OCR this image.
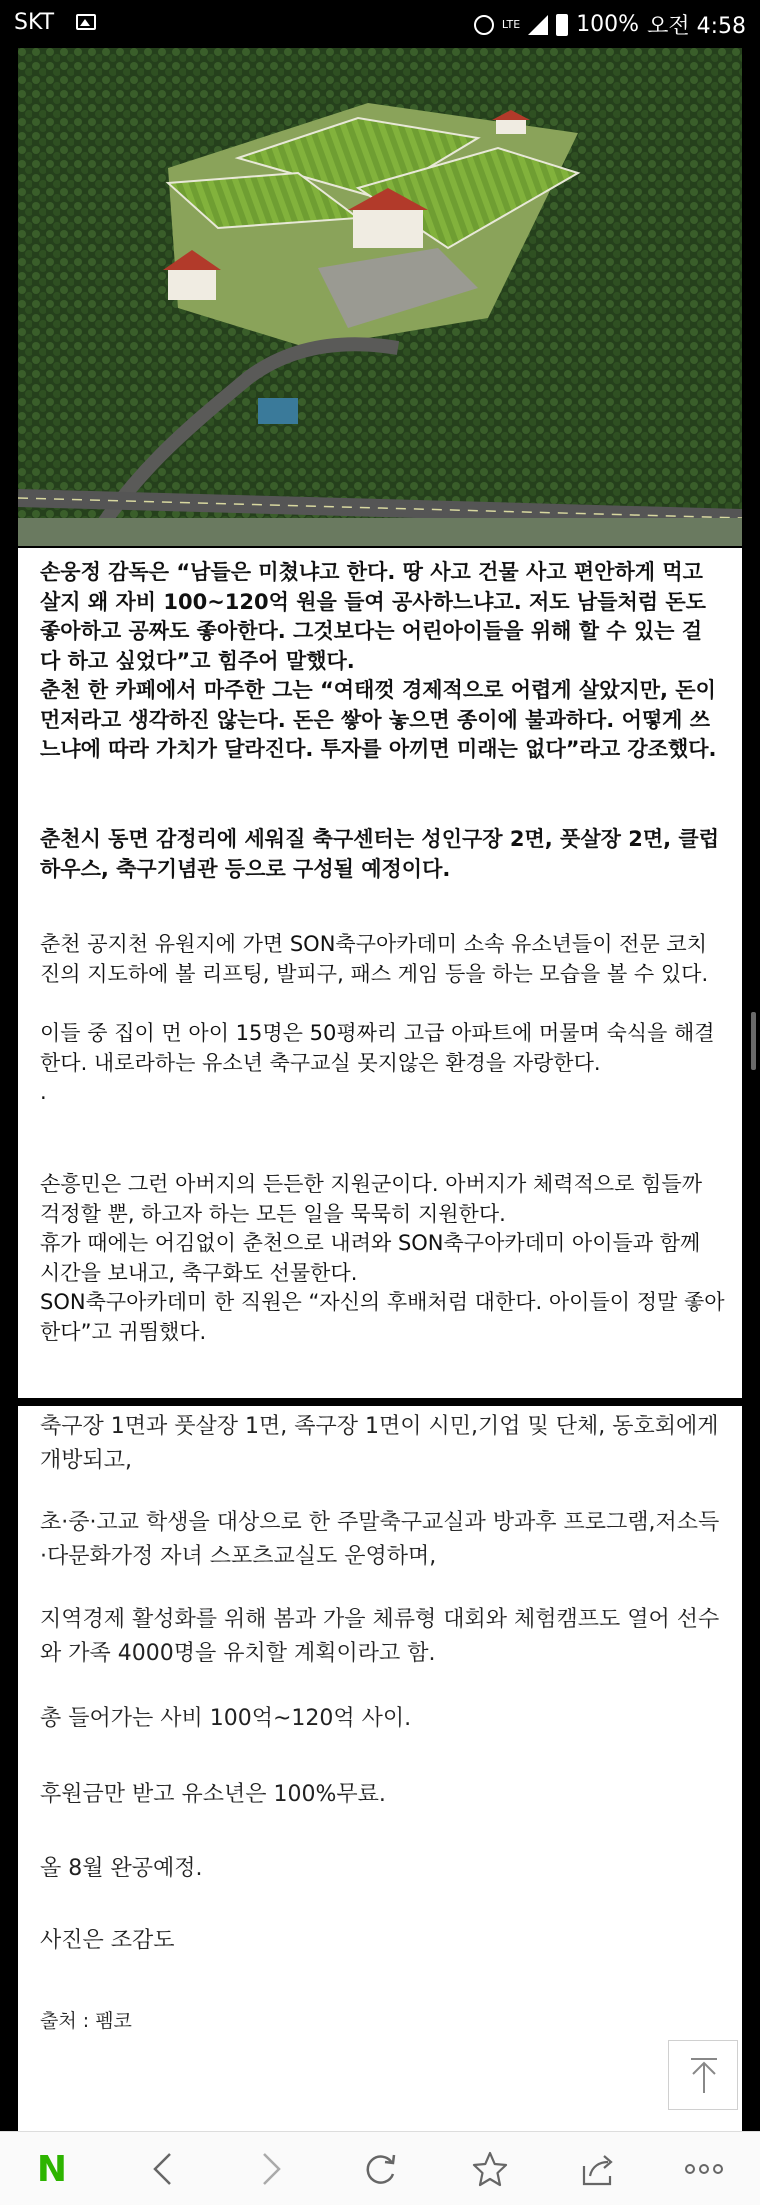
SKT	LTE	100% 오전 4:58

손웅정 감독은 “남들은 미쳤냐고 한다. 땅 사고 건물 사고 편안하게 먹고 살지 왜 자비 100~120억 원을 들여 공사하느냐고. 저도 남들처럼 돈도 좋아하고 공짜도 좋아한다. 그것보다는 어린아이들을 위해 할 수 있는 걸 다 하고 싶었다”고 힘주어 말했다.

춘천 한 카페에서 마주한 그는 “여태껏 경제적으로 어렵게 살았지만, 돈이 먼저라고 생각하진 않는다. 돈은 쌓아 놓으면 종이에 불과하다. 어떻게 쓰느냐에 따라 가치가 달라진다. 투자를 아끼면 미래는 없다”라고 강조했다.

춘천시 동면 감정리에 세워질 축구센터는 성인구장 2면, 풋살장 2면, 클럽하우스, 축구기념관 등으로 구성될 예정이다.

춘천 공지천 유원지에 가면 SON축구아카데미 소속 유소년들이 전문 코치진의 지도하에 볼 리프팅, 발피구, 패스 게임 등을 하는 모습을 볼 수 있다.

이들 중 집이 먼 아이 15명은 50평짜리 고급 아파트에 머물며 숙식을 해결한다. 내로라하는 유소년 축구교실 못지않은 환경을 자랑한다.

.

손흥민은 그런 아버지의 든든한 지원군이다. 아버지가 체력적으로 힘들까 걱정할 뿐, 하고자 하는 모든 일을 묵묵히 지원한다.

휴가 때에는 어김없이 춘천으로 내려와 SON축구아카데미 아이들과 함께 시간을 보내고, 축구화도 선물한다.

SON축구아카데미 한 직원은 “자신의 후배처럼 대한다. 아이들이 정말 좋아한다”고 귀띔했다.

축구장 1면과 풋살장 1면, 족구장 1면이 시민,기업 및 단체, 동호회에게 개방되고,

초·중·고교 학생을 대상으로 한 주말축구교실과 방과후 프로그램,저소득·다문화가정 자녀 스포츠교실도 운영하며,

지역경제 활성화를 위해 봄과 가을 체류형 대회와 체험캠프도 열어 선수와 가족 4000명을 유치할 계획이라고 함.

총 들어가는 사비 100억~120억 사이.

후원금만 받고 유소년은 100%무료.

올 8월 완공예정.

사진은 조감도

출처 : 펨코

N
